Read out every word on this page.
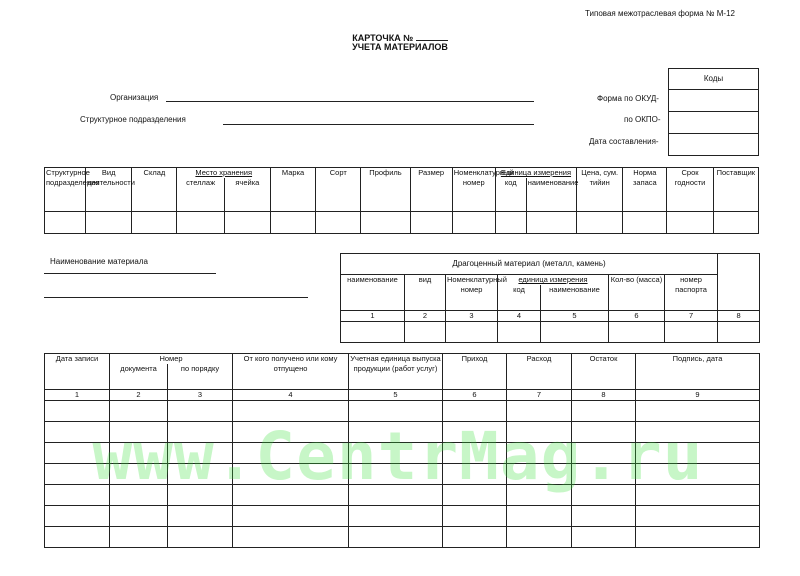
Типовая межотраслевая форма № М-12
КАРТОЧКА №
УЧЕТА МАТЕРИАЛОВ
Организация
Структурное подразделения
Форма по ОКУД-
по ОКПО-
Дата составления-
Коды

Структурное подразделение	Вид деятельности	Склад	Место хранения		Марка	Сорт	Профиль	Размер	Номенклатурный номер	Единица измерения		Цена, сум. тийин	Норма запаса	Срок годности	Поставщик
			стеллаж	ячейка						код	наименование				

Наименование материала	Драгоценный материал (металл, камень)							
наименование	вид	Номенклатурный номер	единица измерения		Кол-во (масса)	номер паспорта	
			код	наименование			
1	2	3	4	5	6	7	8

Дата записи	Номер		От кого получено или кому отпущено	Учетная единица выпуска продукции (работ услуг)	Приход	Расход	Остаток	Подпись, дата
	документа	по порядку						
1	2	3	4	5	6	7	8	9

www.CentrMag.ru
